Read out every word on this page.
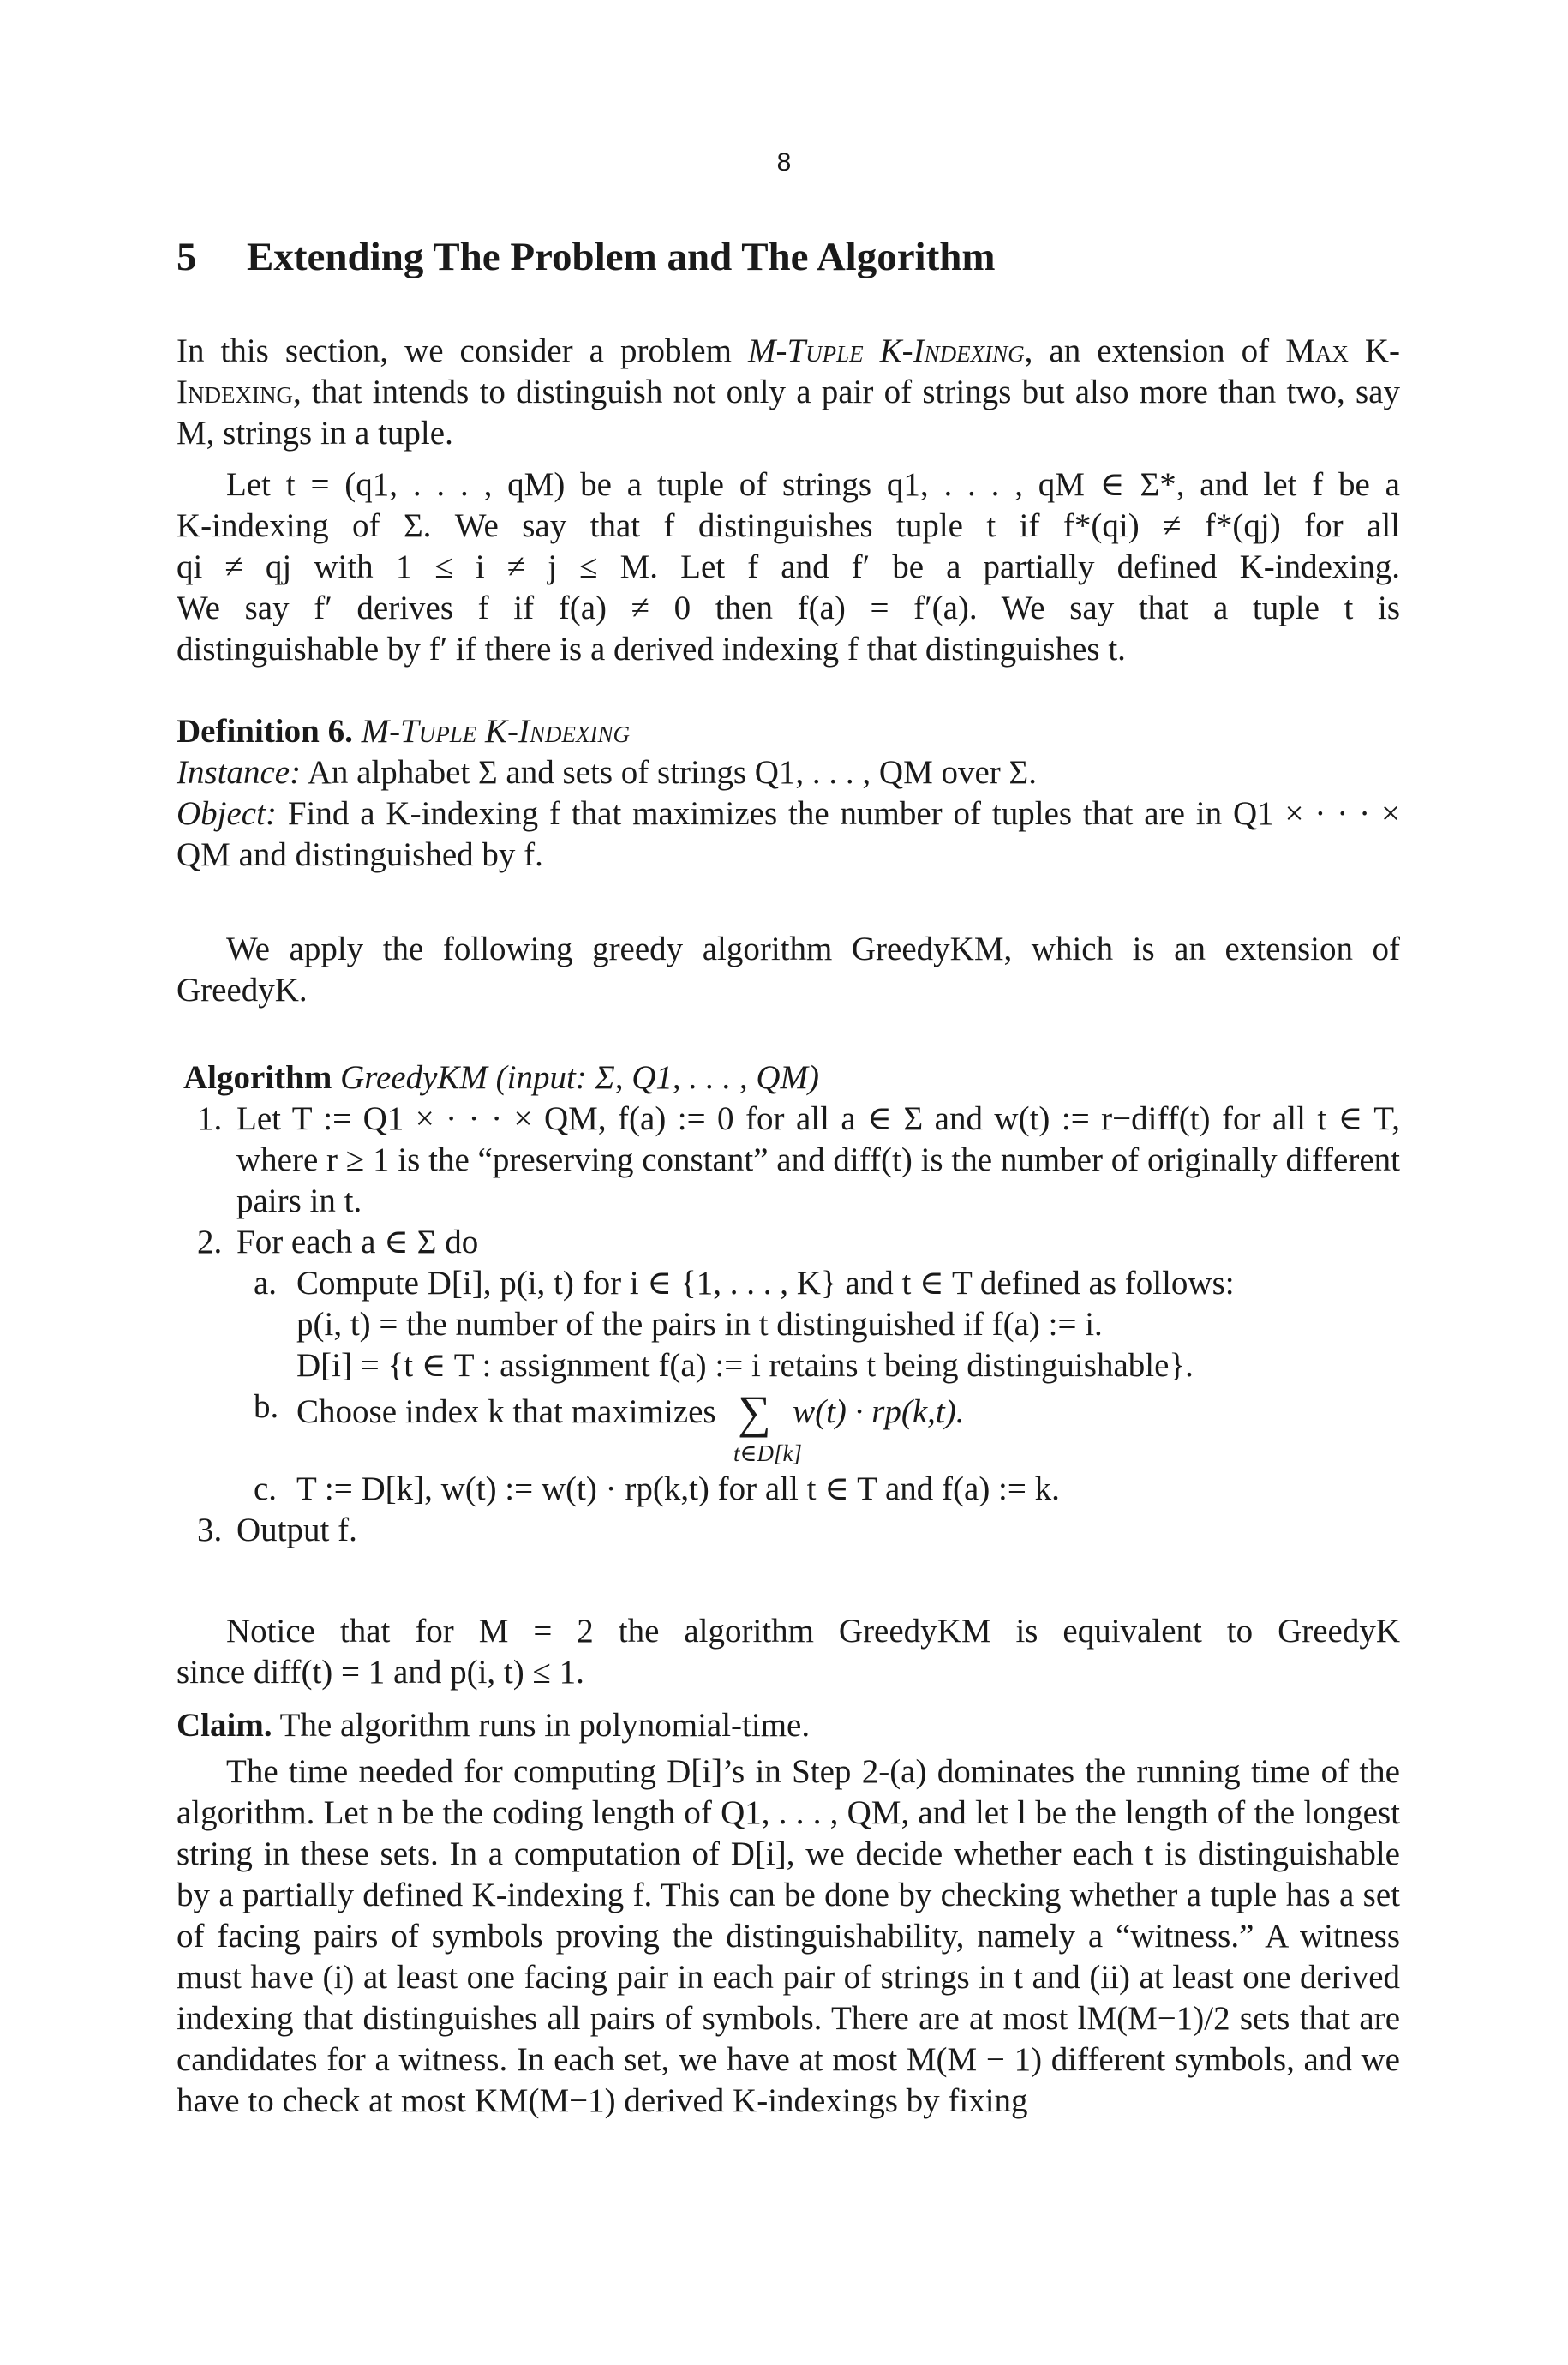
8
5 Extending The Problem and The Algorithm

In this section, we consider a problem M-Tuple K-Indexing, an extension of Max K-Indexing, that intends to distinguish not only a pair of strings but also more than two, say M, strings in a tuple.

Let t = (q1, . . . , qM) be a tuple of strings q1, . . . , qM ∈ Σ*, and let f be a

K-indexing of Σ. We say that f distinguishes tuple t if f*(qi) ≠ f*(qj) for all

qi ≠ qj with 1 ≤ i ≠ j ≤ M. Let f and f′ be a partially defined K-indexing.

We say f′ derives f if f(a) ≠ 0 then f(a) = f′(a). We say that a tuple t is

distinguishable by f′ if there is a derived indexing f that distinguishes t.

Definition 6. M-Tuple K-Indexing

Instance: An alphabet Σ and sets of strings Q1, . . . , QM over Σ.

Object: Find a K-indexing f that maximizes the number of tuples that are in Q1 × · · · × QM and distinguished by f.

We apply the following greedy algorithm GreedyKM, which is an extension of GreedyK.

Algorithm GreedyKM (input: Σ, Q1, . . . , QM)

1. Let T := Q1 × · · · × QM, f(a) := 0 for all a ∈ Σ and w(t) := r−diff(t) for all t ∈ T, where r ≥ 1 is the “preserving constant” and diff(t) is the number of originally different pairs in t.
2. For each a ∈ Σ do
a. Compute D[i], p(i, t) for i ∈ {1, . . . , K} and t ∈ T defined as follows:
p(i, t) = the number of the pairs in t distinguished if f(a) := i.
D[i] = {t ∈ T : assignment f(a) := i retains t being distinguishable}.
b. Choose index k that maximizes ∑ w(t) · rp(k,t).
t∈D[k]
c. T := D[k], w(t) := w(t) · rp(k,t) for all t ∈ T and f(a) := k.
3. Output f.

Notice that for M = 2 the algorithm GreedyKM is equivalent to GreedyK

since diff(t) = 1 and p(i, t) ≤ 1.

Claim. The algorithm runs in polynomial-time.

The time needed for computing D[i]’s in Step 2-(a) dominates the running time of the algorithm. Let n be the coding length of Q1, . . . , QM, and let l be the length of the longest string in these sets. In a computation of D[i], we decide whether each t is distinguishable by a partially defined K-indexing f. This can be done by checking whether a tuple has a set of facing pairs of symbols proving the distinguishability, namely a “witness.” A witness must have (i) at least one facing pair in each pair of strings in t and (ii) at least one derived indexing that distinguishes all pairs of symbols. There are at most lM(M−1)/2 sets that are candidates for a witness. In each set, we have at most M(M − 1) different symbols, and we have to check at most KM(M−1) derived K-indexings by fixing
